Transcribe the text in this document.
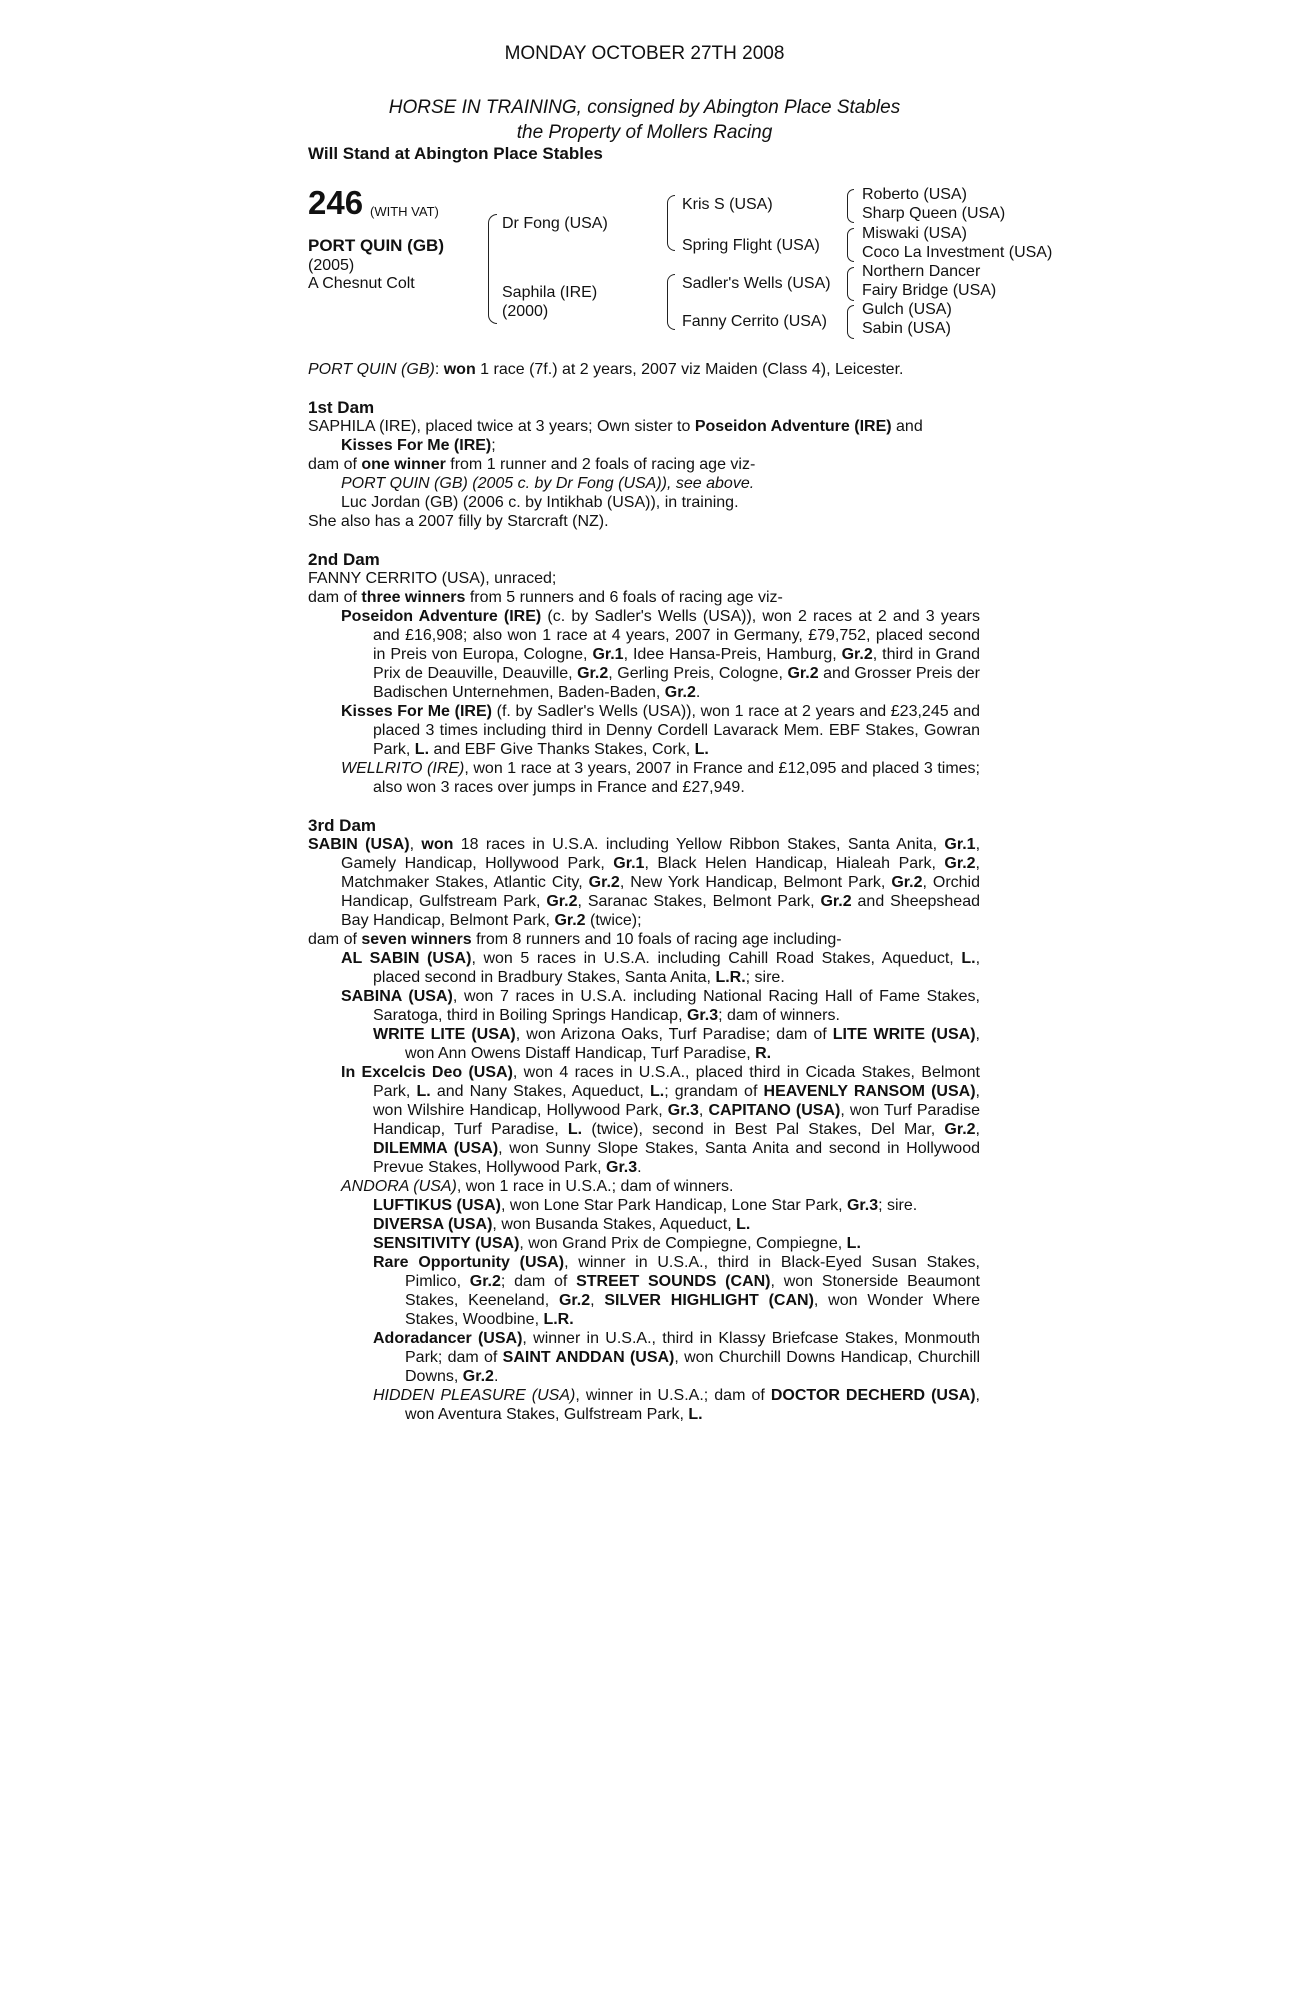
MONDAY OCTOBER 27TH 2008
HORSE IN TRAINING, consigned by Abington Place Stables
the Property of Mollers Racing
Will Stand at Abington Place Stables
246 (WITH VAT)
PORT QUIN (GB)
(2005)
A Chesnut Colt
Dr Fong (USA)
Saphila (IRE)
(2000)
Kris S (USA)
Spring Flight (USA)
Sadler's Wells (USA)
Fanny Cerrito (USA)
Roberto (USA)
Sharp Queen (USA)
Miswaki (USA)
Coco La Investment (USA)
Northern Dancer
Fairy Bridge (USA)
Gulch (USA)
Sabin (USA)

PORT QUIN (GB): won 1 race (7f.) at 2 years, 2007 viz Maiden (Class 4), Leicester.

1st Dam

SAPHILA (IRE), placed twice at 3 years; Own sister to Poseidon Adventure (IRE) and

Kisses For Me (IRE);

dam of one winner from 1 runner and 2 foals of racing age viz-

PORT QUIN (GB) (2005 c. by Dr Fong (USA)), see above.

Luc Jordan (GB) (2006 c. by Intikhab (USA)), in training.

She also has a 2007 filly by Starcraft (NZ).

2nd Dam

FANNY CERRITO (USA), unraced;

dam of three winners from 5 runners and 6 foals of racing age viz-

Poseidon Adventure (IRE) (c. by Sadler's Wells (USA)), won 2 races at 2 and 3 years and £16,908; also won 1 race at 4 years, 2007 in Germany, £79,752, placed second in Preis von Europa, Cologne, Gr.1, Idee Hansa-Preis, Hamburg, Gr.2, third in Grand Prix de Deauville, Deauville, Gr.2, Gerling Preis, Cologne, Gr.2 and Grosser Preis der Badischen Unternehmen, Baden-Baden, Gr.2.

Kisses For Me (IRE) (f. by Sadler's Wells (USA)), won 1 race at 2 years and £23,245 and placed 3 times including third in Denny Cordell Lavarack Mem. EBF Stakes, Gowran Park, L. and EBF Give Thanks Stakes, Cork, L.

WELLRITO (IRE), won 1 race at 3 years, 2007 in France and £12,095 and placed 3 times; also won 3 races over jumps in France and £27,949.

3rd Dam

SABIN (USA), won 18 races in U.S.A. including Yellow Ribbon Stakes, Santa Anita, Gr.1, Gamely Handicap, Hollywood Park, Gr.1, Black Helen Handicap, Hialeah Park, Gr.2, Matchmaker Stakes, Atlantic City, Gr.2, New York Handicap, Belmont Park, Gr.2, Orchid Handicap, Gulfstream Park, Gr.2, Saranac Stakes, Belmont Park, Gr.2 and Sheepshead Bay Handicap, Belmont Park, Gr.2 (twice);

dam of seven winners from 8 runners and 10 foals of racing age including-

AL SABIN (USA), won 5 races in U.S.A. including Cahill Road Stakes, Aqueduct, L., placed second in Bradbury Stakes, Santa Anita, L.R.; sire.

SABINA (USA), won 7 races in U.S.A. including National Racing Hall of Fame Stakes, Saratoga, third in Boiling Springs Handicap, Gr.3; dam of winners.

WRITE LITE (USA), won Arizona Oaks, Turf Paradise; dam of LITE WRITE (USA), won Ann Owens Distaff Handicap, Turf Paradise, R.

In Excelcis Deo (USA), won 4 races in U.S.A., placed third in Cicada Stakes, Belmont Park, L. and Nany Stakes, Aqueduct, L.; grandam of HEAVENLY RANSOM (USA), won Wilshire Handicap, Hollywood Park, Gr.3, CAPITANO (USA), won Turf Paradise Handicap, Turf Paradise, L. (twice), second in Best Pal Stakes, Del Mar, Gr.2, DILEMMA (USA), won Sunny Slope Stakes, Santa Anita and second in Hollywood Prevue Stakes, Hollywood Park, Gr.3.

ANDORA (USA), won 1 race in U.S.A.; dam of winners.

LUFTIKUS (USA), won Lone Star Park Handicap, Lone Star Park, Gr.3; sire.

DIVERSA (USA), won Busanda Stakes, Aqueduct, L.

SENSITIVITY (USA), won Grand Prix de Compiegne, Compiegne, L.

Rare Opportunity (USA), winner in U.S.A., third in Black-Eyed Susan Stakes, Pimlico, Gr.2; dam of STREET SOUNDS (CAN), won Stonerside Beaumont Stakes, Keeneland, Gr.2, SILVER HIGHLIGHT (CAN), won Wonder Where Stakes, Woodbine, L.R.

Adoradancer (USA), winner in U.S.A., third in Klassy Briefcase Stakes, Monmouth Park; dam of SAINT ANDDAN (USA), won Churchill Downs Handicap, Churchill Downs, Gr.2.

HIDDEN PLEASURE (USA), winner in U.S.A.; dam of DOCTOR DECHERD (USA), won Aventura Stakes, Gulfstream Park, L.
